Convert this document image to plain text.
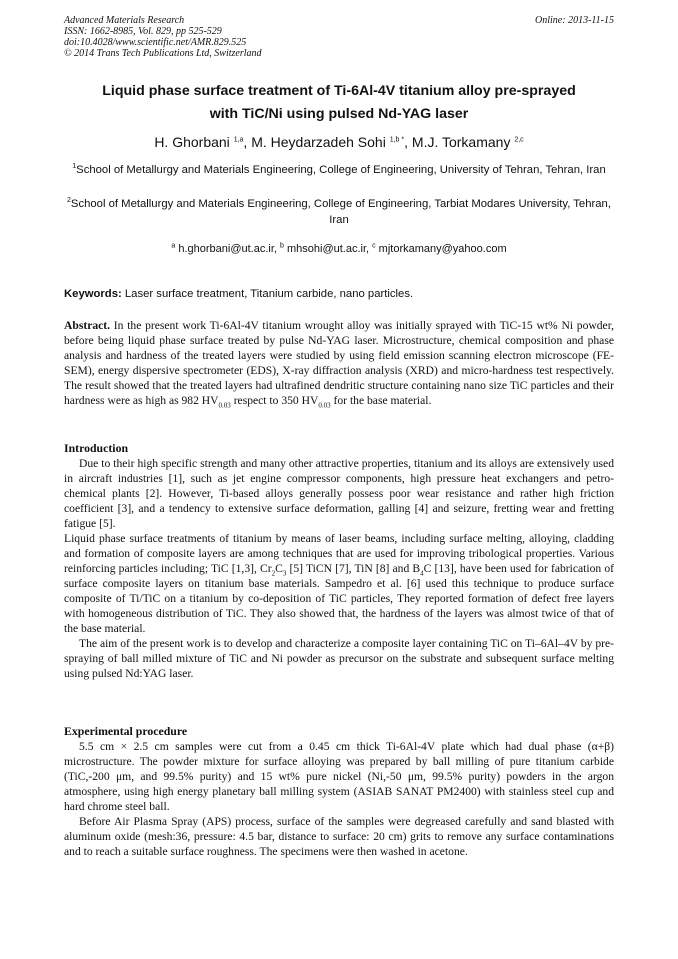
Advanced Materials Research
ISSN: 1662-8985, Vol. 829, pp 525-529
doi:10.4028/www.scientific.net/AMR.829.525
© 2014 Trans Tech Publications Ltd, Switzerland
Online: 2013-11-15
Liquid phase surface treatment of Ti-6Al-4V titanium alloy pre-sprayed
with TiC/Ni using pulsed Nd-YAG laser
H. Ghorbani $^{1,a}$, M. Heydarzadeh Sohi $^{1,b *}$, M.J. Torkamany $^{2,c}$
$^1$School of Metallurgy and Materials Engineering, College of Engineering, University of Tehran, Tehran, Iran
$^2$School of Metallurgy and Materials Engineering, College of Engineering, Tarbiat Modares University, Tehran, Iran
$^a$ h.ghorbani@ut.ac.ir, $^b$ mhsohi@ut.ac.ir, $^c$ mjtorkamany@yahoo.com
Keywords: Laser surface treatment, Titanium carbide, nano particles.

Abstract. In the present work Ti-6Al-4V titanium wrought alloy was initially sprayed with TiC-15 wt% Ni powder, before being liquid phase surface treated by pulse Nd-YAG laser. Microstructure, chemical composition and phase analysis and hardness of the treated layers were studied by using field emission scanning electron microscope (FE-SEM), energy dispersive spectrometer (EDS), X-ray diffraction analysis (XRD) and micro-hardness test respectively. The result showed that the treated layers had ultrafined dendritic structure containing nano size TiC particles and their hardness were as high as 982 $HV_{0.03}$ respect to 350 $HV_{0.03}$ for the base material.

Introduction

Due to their high specific strength and many other attractive properties, titanium and its alloys are extensively used in aircraft industries [1], such as jet engine compressor components, high pressure heat exchangers and petro-chemical plants [2]. However, Ti-based alloys generally possess poor wear resistance and rather high friction coefficient [3], and a tendency to extensive surface deformation, galling [4] and seizure, fretting wear and fretting fatigue [5].

Liquid phase surface treatments of titanium by means of laser beams, including surface melting, alloying, cladding and formation of composite layers are among techniques that are used for improving tribological properties. Various reinforcing particles including; TiC [1,3], $Cr_2C_3$ [5] TiCN [7], TiN [8] and $B_4C$ [13], have been used for fabrication of surface composite layers on titanium base materials. Sampedro et al. [6] used this technique to produce surface composite of Ti/TiC on a titanium by co-deposition of TiC particles, They reported formation of defect free layers with homogeneous distribution of TiC. They also showed that, the hardness of the layers was almost twice of that of the base material.

The aim of the present work is to develop and characterize a composite layer containing TiC on Ti–6Al–4V by pre-spraying of ball milled mixture of TiC and Ni powder as precursor on the substrate and subsequent surface melting using pulsed Nd:YAG laser.

Experimental procedure

5.5 cm × 2.5 cm samples were cut from a 0.45 cm thick Ti-6Al-4V plate which had dual phase (α+β) microstructure. The powder mixture for surface alloying was prepared by ball milling of pure titanium carbide (TiC,-200 μm, and 99.5% purity) and 15 wt% pure nickel (Ni,-50 μm, 99.5% purity) powders in the argon atmosphere, using high energy planetary ball milling system (ASIAB SANAT PM2400) with stainless steel cup and hard chrome steel ball.

Before Air Plasma Spray (APS) process, surface of the samples were degreased carefully and sand blasted with aluminum oxide (mesh:36, pressure: 4.5 bar, distance to surface: 20 cm) grits to remove any surface contaminations and to reach a suitable surface roughness. The specimens were then washed in acetone.
